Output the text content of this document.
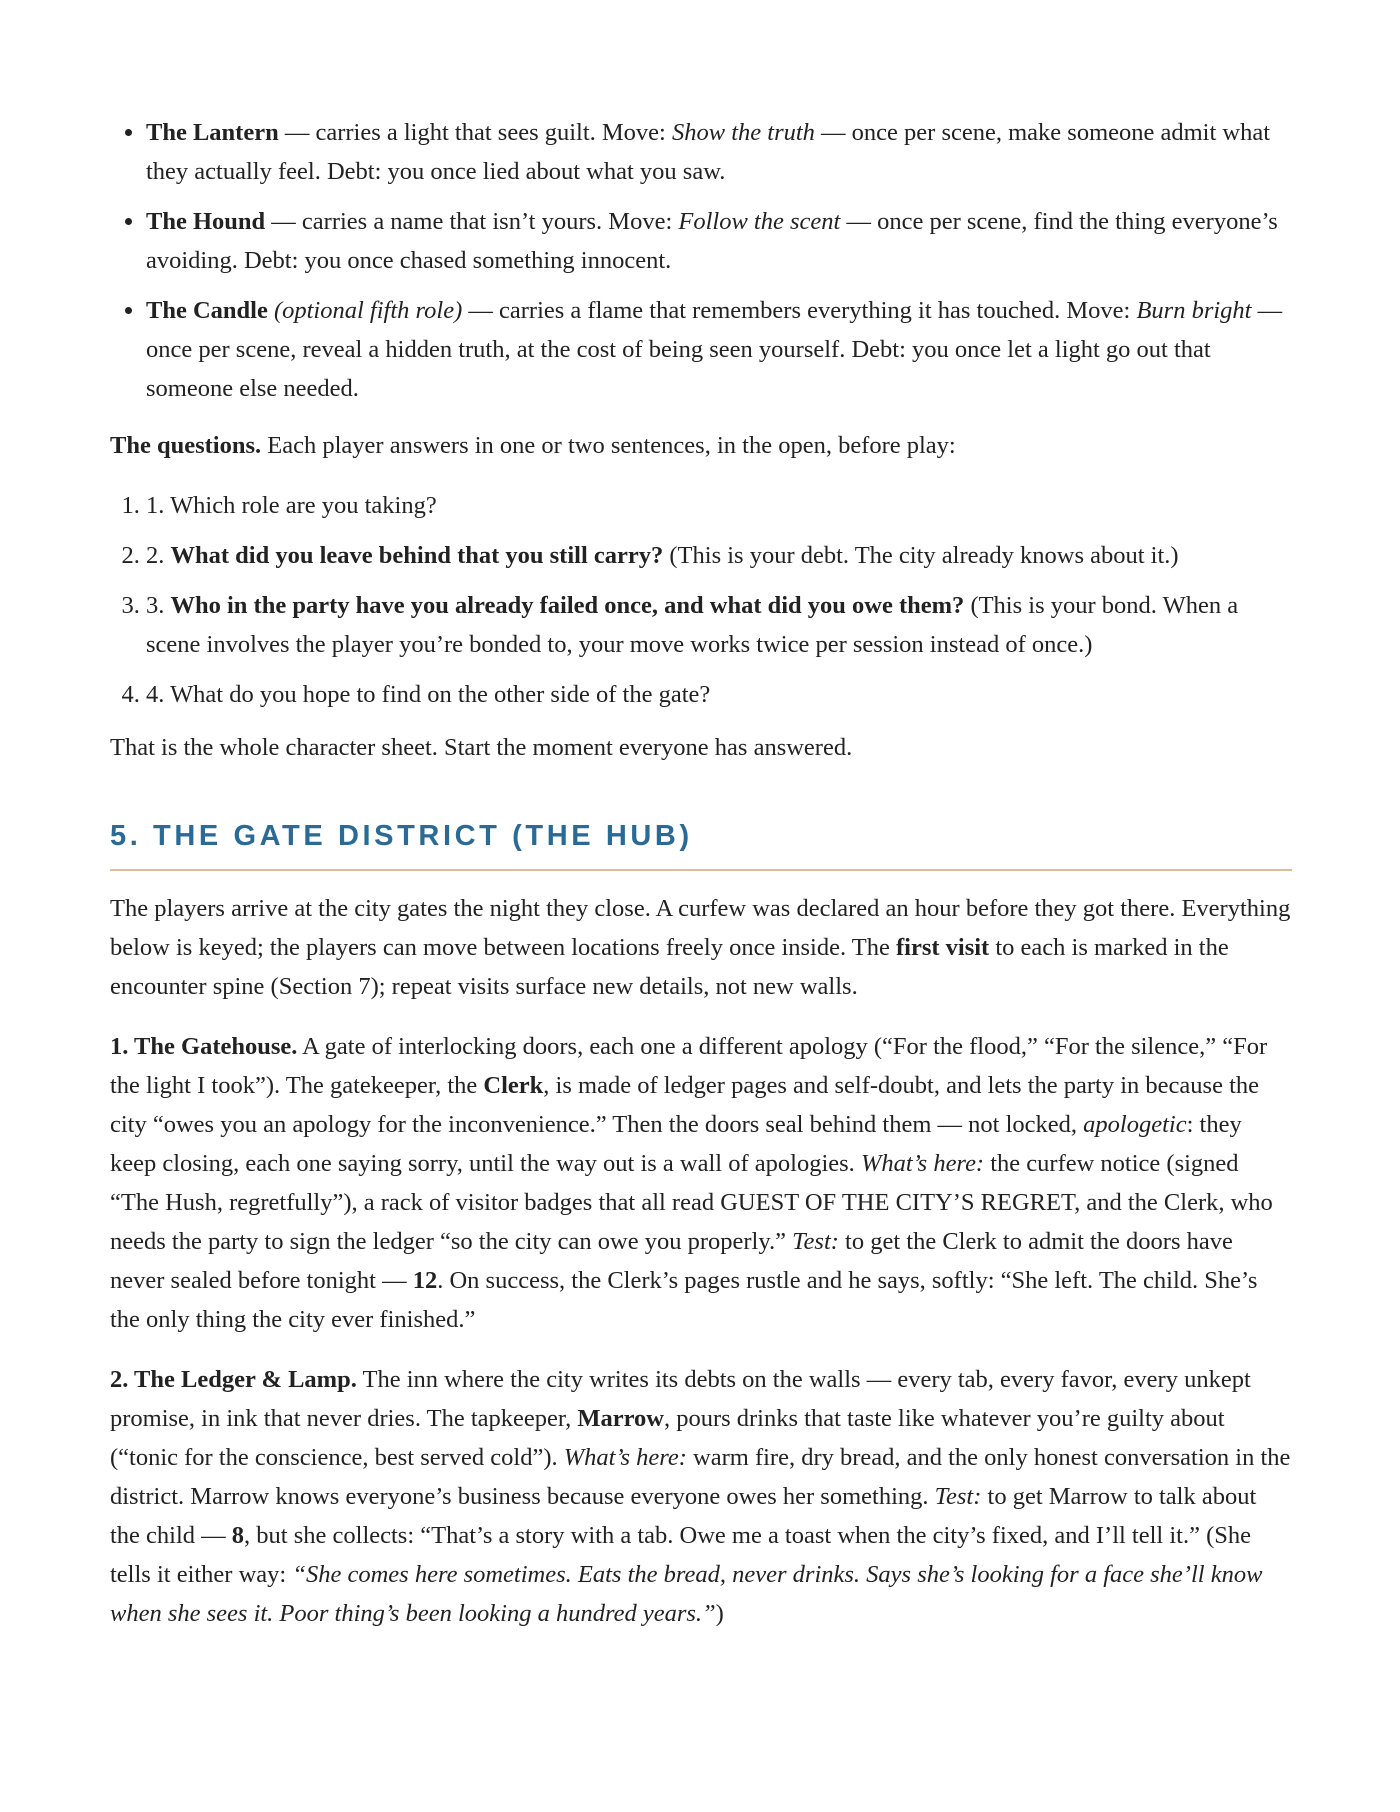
• The Lantern — carries a light that sees guilt. Move: Show the truth — once per scene, make someone admit what they actually feel. Debt: you once lied about what you saw.
• The Hound — carries a name that isn’t yours. Move: Follow the scent — once per scene, find the thing everyone’s avoiding. Debt: you once chased something innocent.
• The Candle (optional fifth role) — carries a flame that remembers everything it has touched. Move: Burn bright — once per scene, reveal a hidden truth, at the cost of being seen yourself. Debt: you once let a light go out that someone else needed.

The questions. Each player answers in one or two sentences, in the open, before play:

1. 1. Which role are you taking?
2. 2. What did you leave behind that you still carry? (This is your debt. The city already knows about it.)
3. 3. Who in the party have you already failed once, and what did you owe them? (This is your bond. When a scene involves the player you’re bonded to, your move works twice per session instead of once.)
4. 4. What do you hope to find on the other side of the gate?

That is the whole character sheet. Start the moment everyone has answered.

5. THE GATE DISTRICT (THE HUB)

The players arrive at the city gates the night they close. A curfew was declared an hour before they got there. Everything below is keyed; the players can move between locations freely once inside. The first visit to each is marked in the encounter spine (Section 7); repeat visits surface new details, not new walls.

1. The Gatehouse. A gate of interlocking doors, each one a different apology (“For the flood,” “For the silence,” “For the light I took”). The gatekeeper, the Clerk, is made of ledger pages and self-doubt, and lets the party in because the city “owes you an apology for the inconvenience.” Then the doors seal behind them — not locked, apologetic: they keep closing, each one saying sorry, until the way out is a wall of apologies. What’s here: the curfew notice (signed “The Hush, regretfully”), a rack of visitor badges that all read GUEST OF THE CITY’S REGRET, and the Clerk, who needs the party to sign the ledger “so the city can owe you properly.” Test: to get the Clerk to admit the doors have never sealed before tonight — 12. On success, the Clerk’s pages rustle and he says, softly: “She left. The child. She’s the only thing the city ever finished.”

2. The Ledger & Lamp. The inn where the city writes its debts on the walls — every tab, every favor, every unkept promise, in ink that never dries. The tapkeeper, Marrow, pours drinks that taste like whatever you’re guilty about (“tonic for the conscience, best served cold”). What’s here: warm fire, dry bread, and the only honest conversation in the district. Marrow knows everyone’s business because everyone owes her something. Test: to get Marrow to talk about the child — 8, but she collects: “That’s a story with a tab. Owe me a toast when the city’s fixed, and I’ll tell it.” (She tells it either way: “She comes here sometimes. Eats the bread, never drinks. Says she’s looking for a face she’ll know when she sees it. Poor thing’s been looking a hundred years.”)
